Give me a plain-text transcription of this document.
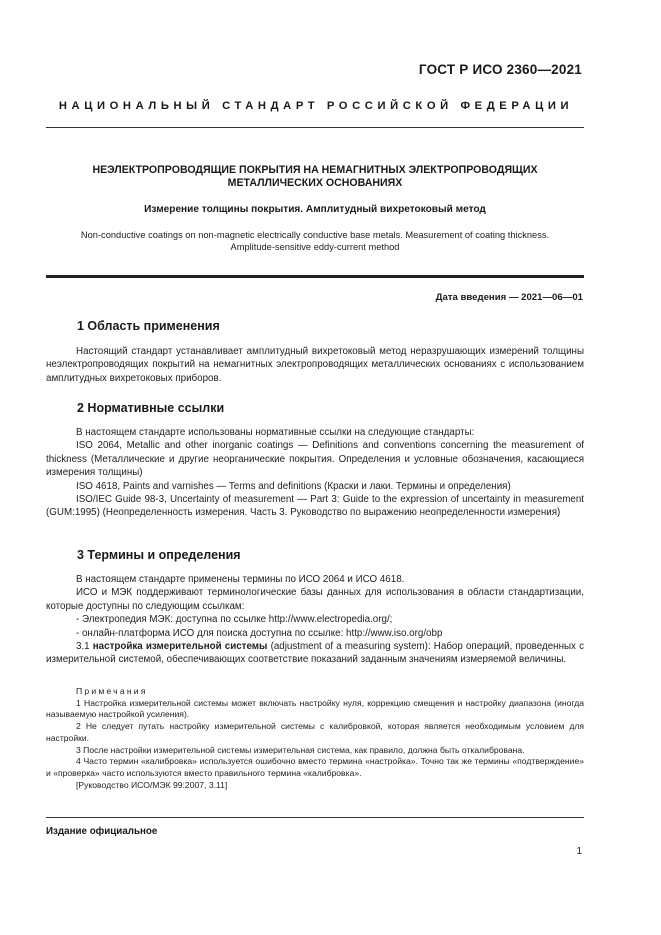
ГОСТ Р ИСО 2360—2021
НАЦИОНАЛЬНЫЙ СТАНДАРТ РОССИЙСКОЙ ФЕДЕРАЦИИ
НЕЭЛЕКТРОПРОВОДЯЩИЕ ПОКРЫТИЯ НА НЕМАГНИТНЫХ ЭЛЕКТРОПРОВОДЯЩИХ
МЕТАЛЛИЧЕСКИХ ОСНОВАНИЯХ
Измерение толщины покрытия. Амплитудный вихретоковый метод
Non-conductive coatings on non-magnetic electrically conductive base metals. Measurement of coating thickness.
Amplitude-sensitive eddy-current method
Дата введения — 2021—06—01
1 Область применения
Настоящий стандарт устанавливает амплитудный вихретоковый метод неразрушающих измерений толщины неэлектропроводящих покрытий на немагнитных электропроводящих металлических основаниях с использованием амплитудных вихретоковых приборов.
2 Нормативные ссылки

В настоящем стандарте использованы нормативные ссылки на следующие стандарты:

ISO 2064, Metallic and other inorganic coatings — Definitions and conventions concerning the measurement of thickness (Металлические и другие неорганические покрытия. Определения и условные обозначения, касающиеся измерения толщины)

ISO 4618, Paints and varnishes — Terms and definitions (Краски и лаки. Термины и определения)

ISO/IEC Guide 98-3, Uncertainty of measurement — Part 3: Guide to the expression of uncertainty in measurement (GUM:1995) (Неопределенность измерения. Часть 3. Руководство по выражению неопределенности измерения)

3 Термины и определения

В настоящем стандарте применены термины по ИСО 2064 и ИСО 4618.

ИСО и МЭК поддерживают терминологические базы данных для использования в области стандартизации, которые доступны по следующим ссылкам:

- Электропедия МЭК: доступна по ссылке http://www.electropedia.org/;

- онлайн-платформа ИСО для поиска доступна по ссылке: http://www.iso.org/obp

3.1 настройка измерительной системы (adjustment of a measuring system): Набор операций, проведенных с измерительной системой, обеспечивающих соответствие показаний заданным значениям измеряемой величины.

Примечания

1 Настройка измерительной системы может включать настройку нуля, коррекцию смещения и настройку диапазона (иногда называемую настройкой усиления).

2 Не следует путать настройку измерительной системы с калибровкой, которая является необходимым условием для настройки.

3 После настройки измерительной системы измерительная система, как правило, должна быть откалибрована.

4 Часто термин «калибровка» используется ошибочно вместо термина «настройка». Точно так же термины «подтверждение» и «проверка» часто используются вместо правильного термина «калибровка».

[Руководство ИСО/МЭК 99:2007, 3.11]

Издание официальное
1
